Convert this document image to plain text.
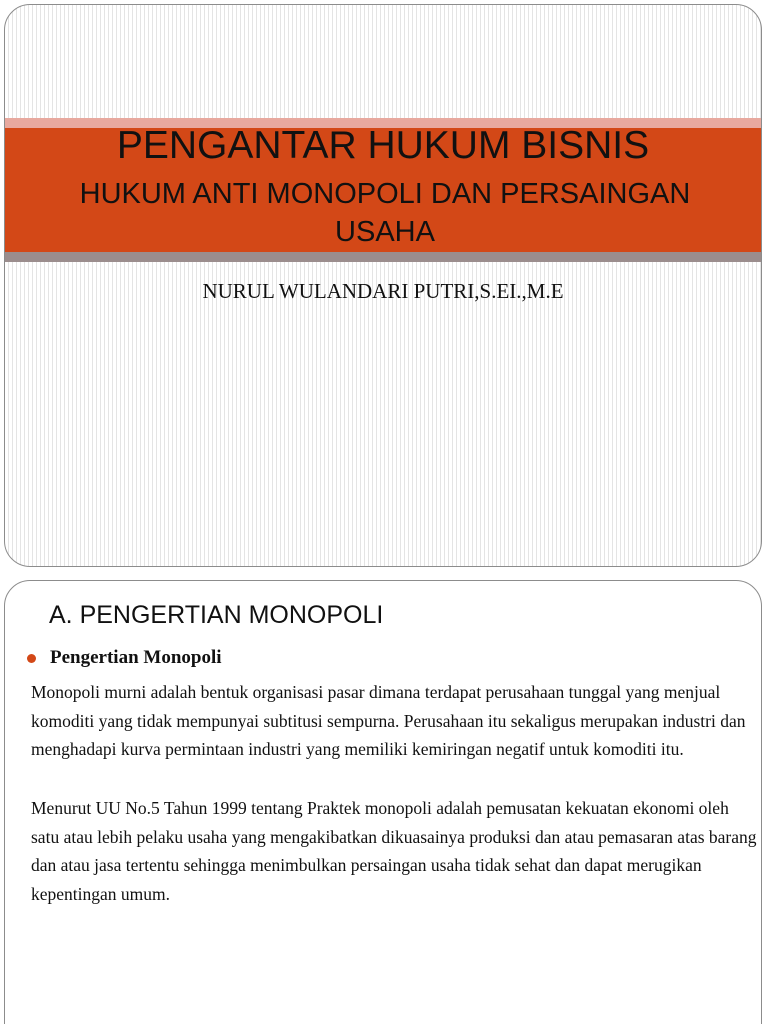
PENGANTAR HUKUM BISNIS
HUKUM ANTI MONOPOLI DAN PERSAINGAN USAHA

NURUL WULANDARI PUTRI,S.EI.,M.E

A. PENGERTIAN MONOPOLI
Pengertian Monopoli

Monopoli murni adalah bentuk organisasi pasar dimana terdapat perusahaan tunggal yang menjual komoditi yang tidak mempunyai subtitusi sempurna. Perusahaan itu sekaligus merupakan industri dan menghadapi kurva permintaan industri yang memiliki kemiringan negatif untuk komoditi itu.

Menurut UU No.5 Tahun 1999 tentang Praktek monopoli adalah pemusatan kekuatan ekonomi oleh satu atau lebih pelaku usaha yang mengakibatkan dikuasainya produksi dan atau pemasaran atas barang dan atau jasa tertentu sehingga menimbulkan persaingan usaha tidak sehat dan dapat merugikan kepentingan umum.
